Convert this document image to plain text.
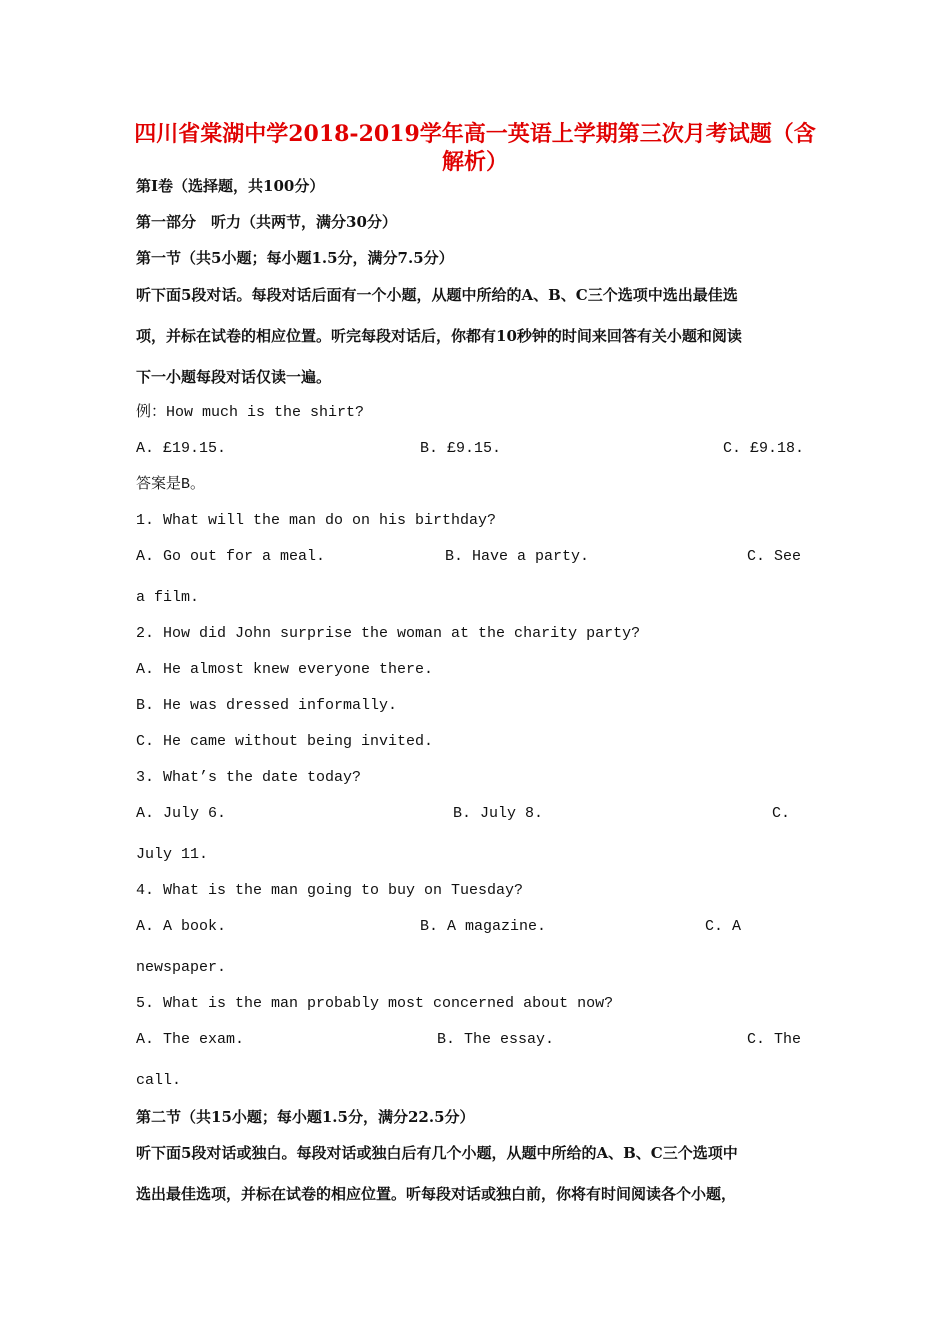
四川省棠湖中学2018-2019学年高一英语上学期第三次月考试题（含
解析）
第Ⅰ卷（选择题，共100分）
第一部分　听力（共两节，满分30分）
第一节（共5小题；每小题1.5分，满分7.5分）
听下面5段对话。每段对话后面有一个小题，从题中所给的A、B、C三个选项中选出最佳选
项，并标在试卷的相应位置。听完每段对话后，你都有10秒钟的时间来回答有关小题和阅读
下一小题每段对话仅读一遍。
例：How much is the shirt?
A. £19.15.	B. £9.15.	C. £9.18.
答案是B。
1. What will the man do on his birthday?
A. Go out for a meal.	B. Have a party.	C. See
a film.
2. How did John surprise the woman at the charity party?
A. He almost knew everyone there.
B. He was dressed informally.
C. He came without being invited.
3. What’s the date today?
A. July 6.	B. July 8.	C.
July 11.
4. What is the man going to buy on Tuesday?
A. A book.	B. A magazine.	C. A
newspaper.
5. What is the man probably most concerned about now?
A. The exam.	B. The essay.	C. The
call.
第二节（共15小题；每小题1.5分，满分22.5分）
听下面5段对话或独白。每段对话或独白后有几个小题，从题中所给的A、B、C三个选项中
选出最佳选项，并标在试卷的相应位置。听每段对话或独白前，你将有时间阅读各个小题，
